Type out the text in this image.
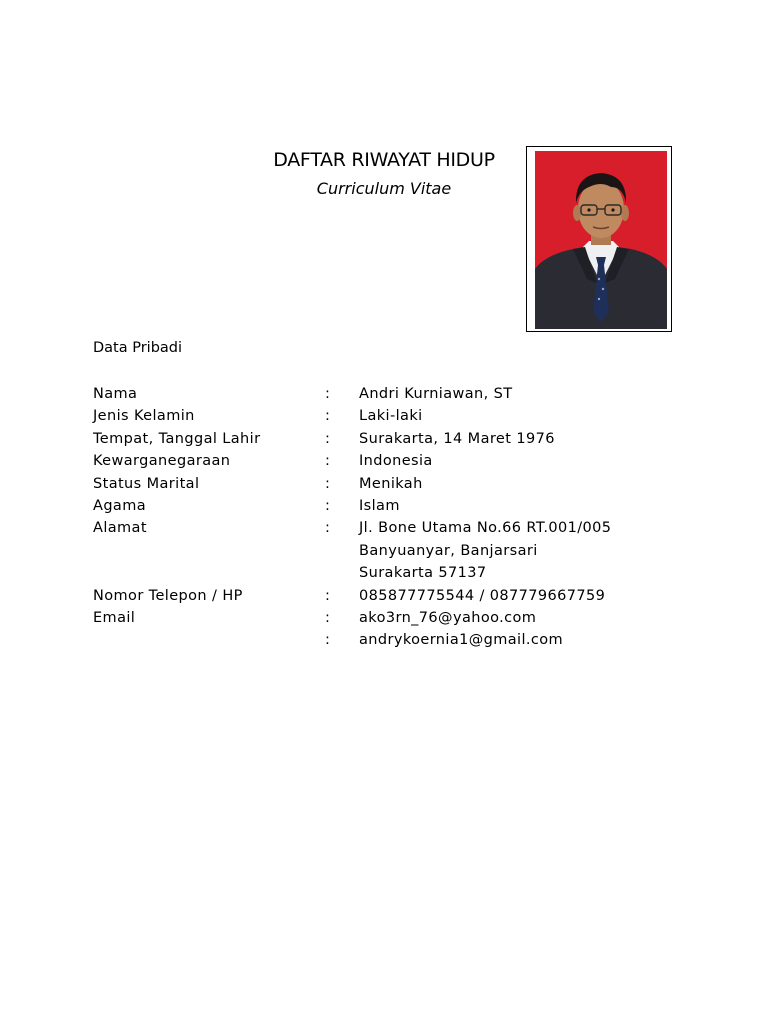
DAFTAR RIWAYAT HIDUP

Curriculum Vitae

Data Pribadi
Nama	: Andri Kurniawan, ST
Jenis Kelamin	: Laki-laki
Tempat, Tanggal Lahir	: Surakarta, 14 Maret 1976
Kewarganegaraan	: Indonesia
Status Marital	: Menikah
Agama	: Islam
Alamat	: Jl. Bone Utama No.66 RT.001/005
Banyuanyar, Banjarsari
Surakarta 57137
Nomor Telepon / HP	: 085877775544 / 087779667759
Email	: ako3rn_76@yahoo.com
: andrykoernia1@gmail.com
